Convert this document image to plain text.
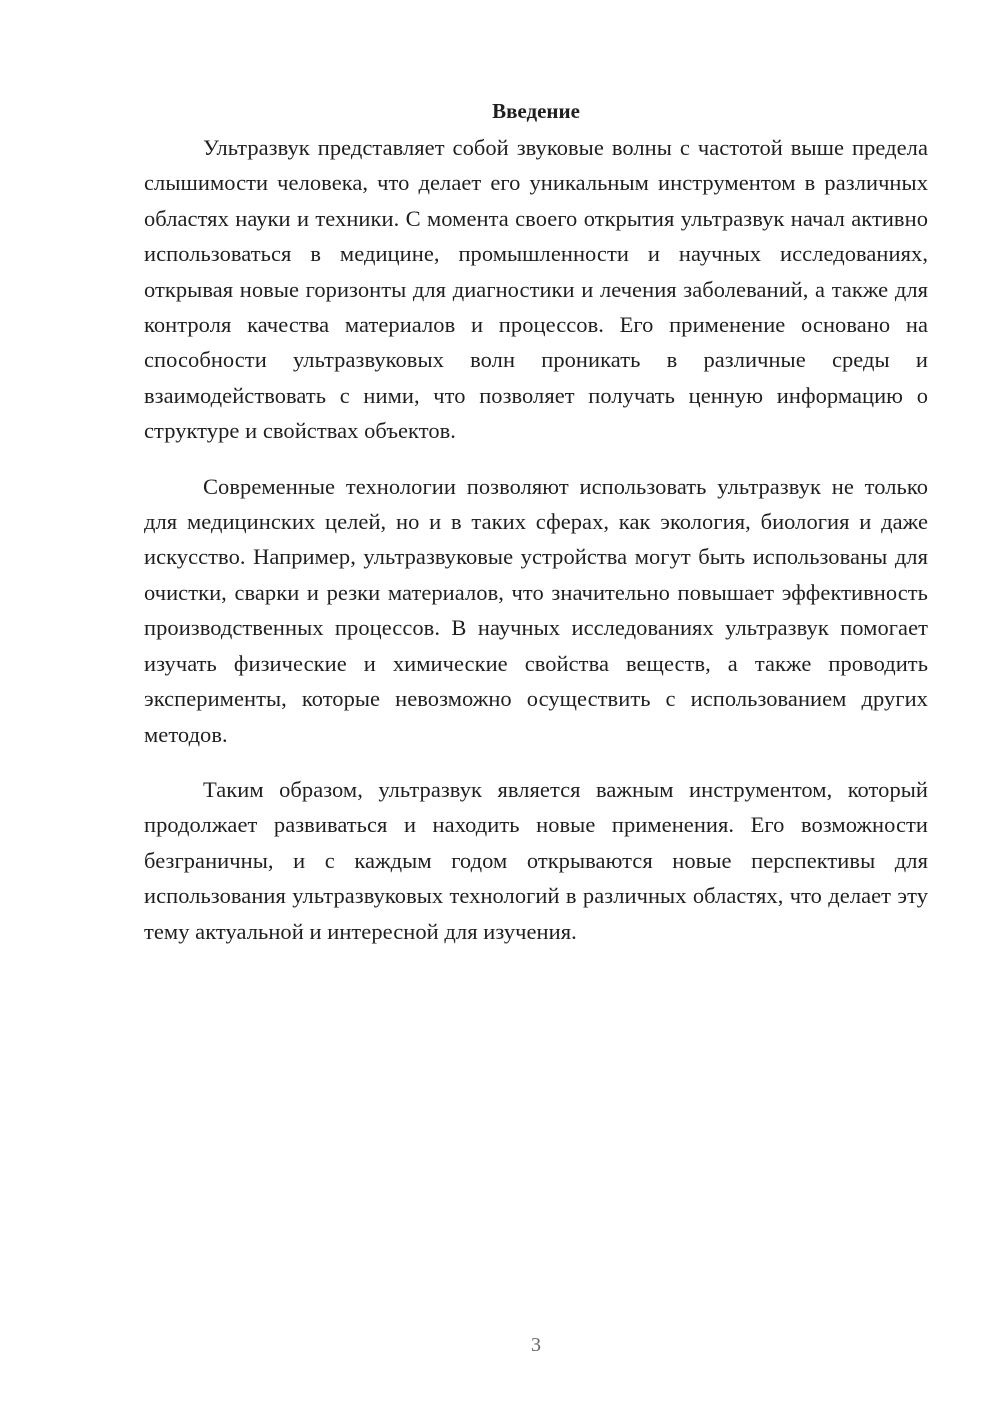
Введение

Ультразвук представляет собой звуковые волны с частотой выше предела слышимости человека, что делает его уникальным инструментом в различных областях науки и техники. С момента своего открытия ультразвук начал активно использоваться в медицине, промышленности и научных исследованиях, открывая новые горизонты для диагностики и лечения заболеваний, а также для контроля качества материалов и процессов. Его применение основано на способности ультразвуковых волн проникать в различные среды и взаимодействовать с ними, что позволяет получать ценную информацию о структуре и свойствах объектов.

Современные технологии позволяют использовать ультразвук не только для медицинских целей, но и в таких сферах, как экология, биология и даже искусство. Например, ультразвуковые устройства могут быть использованы для очистки, сварки и резки материалов, что значительно повышает эффективность производственных процессов. В научных исследованиях ультразвук помогает изучать физические и химические свойства веществ, а также проводить эксперименты, которые невозможно осуществить с использованием других методов.

Таким образом, ультразвук является важным инструментом, который продолжает развиваться и находить новые применения. Его возможности безграничны, и с каждым годом открываются новые перспективы для использования ультразвуковых технологий в различных областях, что делает эту тему актуальной и интересной для изучения.

3
